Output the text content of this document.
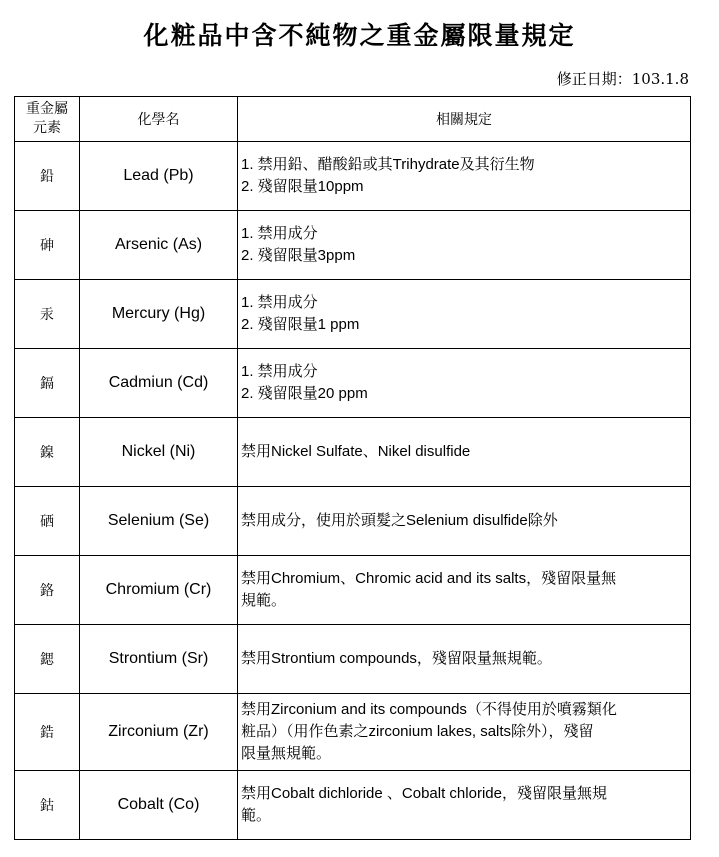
化粧品中含不純物之重金屬限量規定
修正日期：103.1.8
重金屬
元素	化學名	相關規定
鉛	Lead (Pb)	1. 禁用鉛、醋酸鉛或其Trihydrate及其衍生物
2. 殘留限量10ppm

砷	Arsenic (As)	1. 禁用成分
2. 殘留限量3ppm

汞	Mercury (Hg)	1. 禁用成分
2. 殘留限量1 ppm

鎘	Cadmiun (Cd)	1. 禁用成分
2. 殘留限量20 ppm

鎳	Nickel (Ni)	禁用Nickel Sulfate、Nikel disulfide

硒	Selenium (Se)	禁用成分，使用於頭髮之Selenium disulfide除外

鉻	Chromium (Cr)	禁用Chromium、Chromic acid and its salts，殘留限量無
規範。

鍶	Strontium (Sr)	禁用Strontium compounds，殘留限量無規範。

鋯	Zirconium (Zr)	禁用Zirconium and its compounds（不得使用於噴霧類化
粧品）（用作色素之zirconium lakes, salts除外），殘留
限量無規範。

鈷	Cobalt (Co)	禁用Cobalt dichloride 、Cobalt chloride，殘留限量無規
範。
